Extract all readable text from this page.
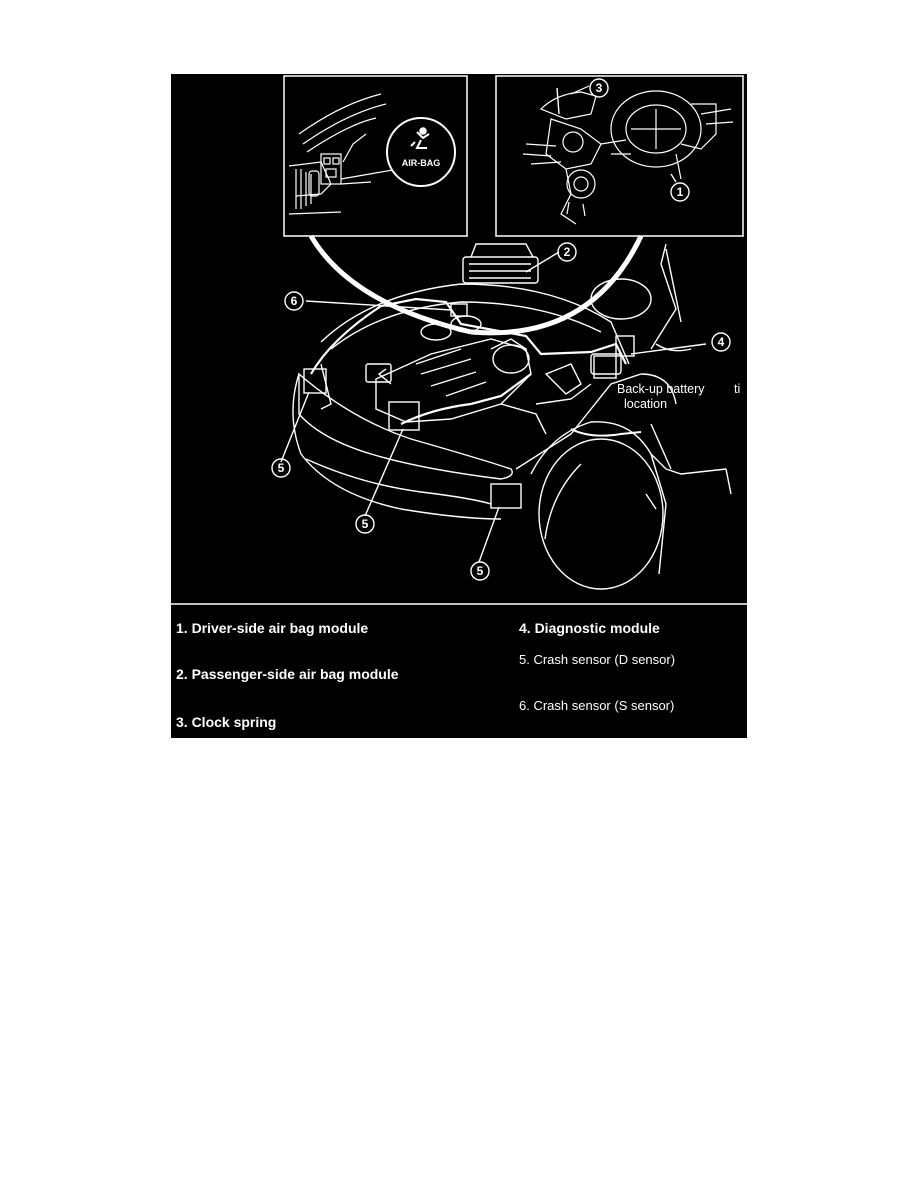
1
2
3
4
5
5
5
6
AIR-BAG
Back-up battery ti
location
1. Driver-side air bag module
2. Passenger-side air bag module
3. Clock spring
4. Diagnostic module
5. Crash sensor (D sensor)
6. Crash sensor (S sensor)
